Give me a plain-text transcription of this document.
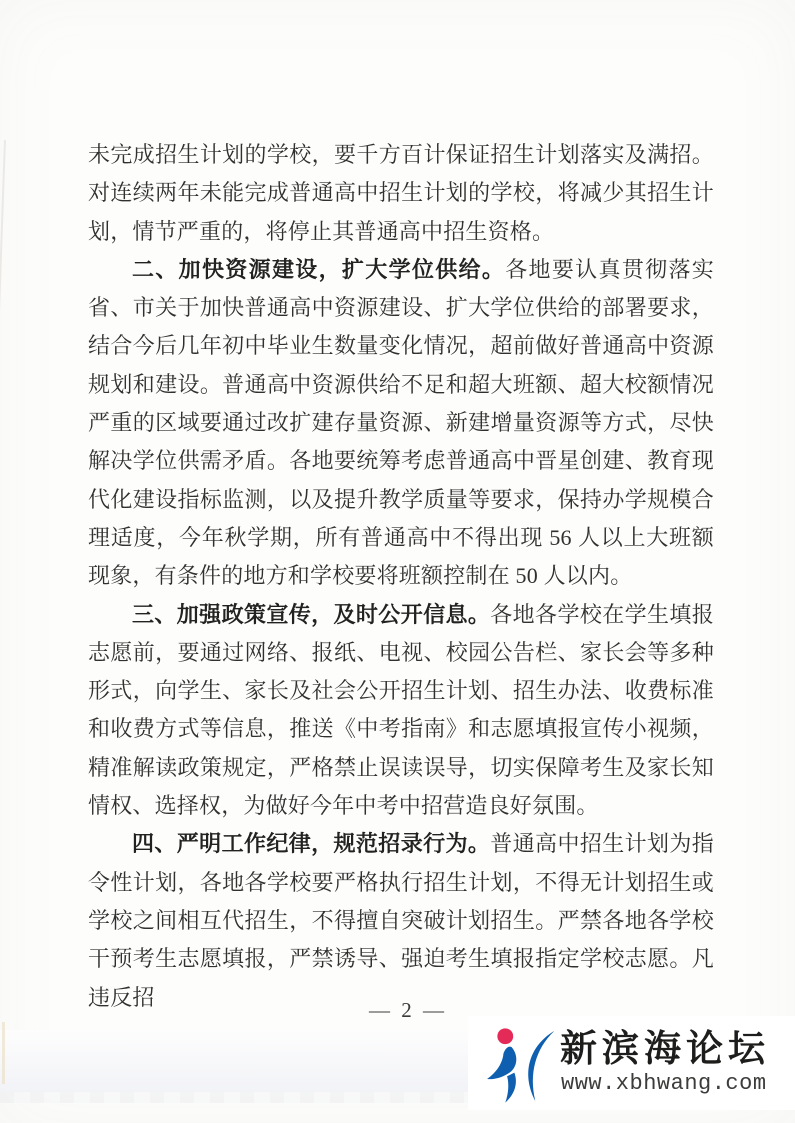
未完成招生计划的学校，要千方百计保证招生计划落实及满招。对连续两年未能完成普通高中招生计划的学校，将减少其招生计划，情节严重的，将停止其普通高中招生资格。

二、加快资源建设，扩大学位供给。各地要认真贯彻落实省、市关于加快普通高中资源建设、扩大学位供给的部署要求，结合今后几年初中毕业生数量变化情况，超前做好普通高中资源规划和建设。普通高中资源供给不足和超大班额、超大校额情况严重的区域要通过改扩建存量资源、新建增量资源等方式，尽快解决学位供需矛盾。各地要统筹考虑普通高中晋星创建、教育现代化建设指标监测，以及提升教学质量等要求，保持办学规模合理适度，今年秋学期，所有普通高中不得出现 56 人以上大班额现象，有条件的地方和学校要将班额控制在 50 人以内。

三、加强政策宣传，及时公开信息。各地各学校在学生填报志愿前，要通过网络、报纸、电视、校园公告栏、家长会等多种形式，向学生、家长及社会公开招生计划、招生办法、收费标准和收费方式等信息，推送《中考指南》和志愿填报宣传小视频，精准解读政策规定，严格禁止误读误导，切实保障考生及家长知情权、选择权，为做好今年中考中招营造良好氛围。

四、严明工作纪律，规范招录行为。普通高中招生计划为指令性计划，各地各学校要严格执行招生计划，不得无计划招生或学校之间相互代招生，不得擅自突破计划招生。严禁各地各学校干预考生志愿填报，严禁诱导、强迫考生填报指定学校志愿。凡违反招

— 2 —
新滨海论坛
www.xbhwang.com
